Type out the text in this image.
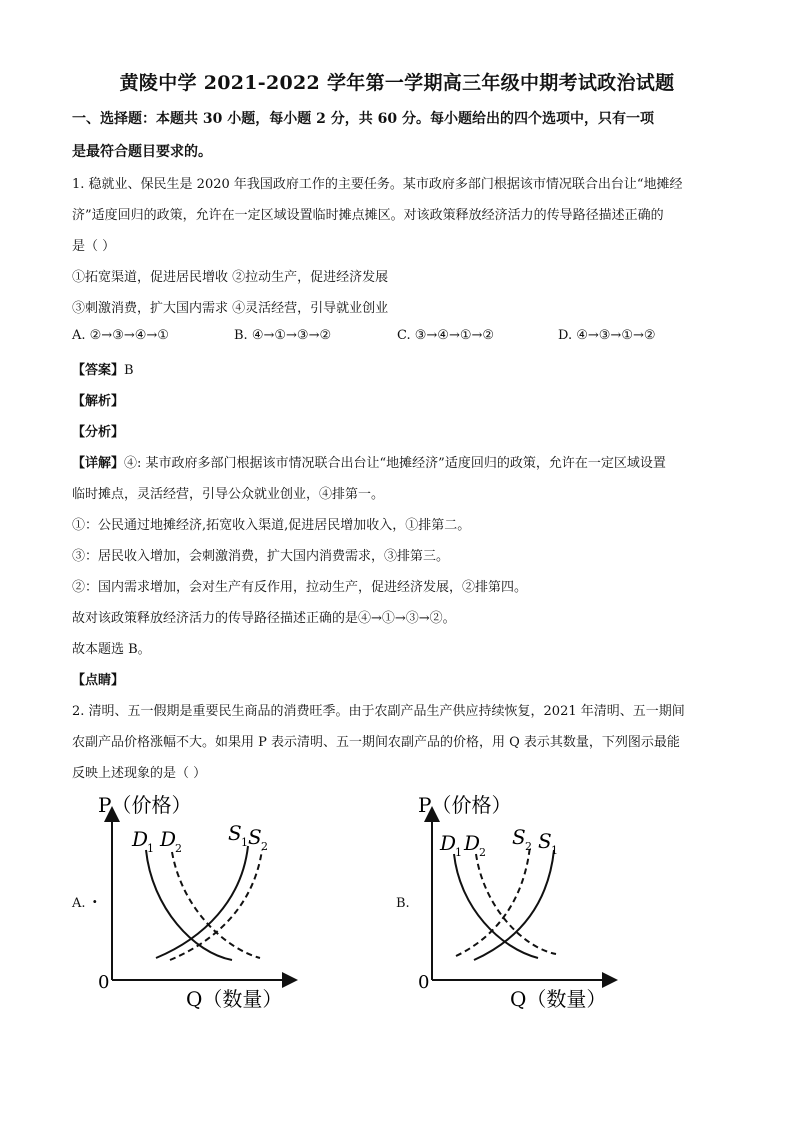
黄陵中学 2021-2022 学年第一学期高三年级中期考试政治试题
一、选择题：本题共 30 小题，每小题 2 分，共 60 分。每小题给出的四个选项中，只有一项
是最符合题目要求的。
1. 稳就业、保民生是 2020 年我国政府工作的主要任务。某市政府多部门根据该市情况联合出台让“地摊经
济”适度回归的政策，允许在一定区域设置临时摊点摊区。对该政策释放经济活力的传导路径描述正确的
是（ ）
①拓宽渠道，促进居民增收 ②拉动生产，促进经济发展
③刺激消费，扩大国内需求 ④灵活经营，引导就业创业
A. ②→③→④→①	B. ④→①→③→②	C. ③→④→①→②	D. ④→③→①→②
【答案】B
【解析】
【分析】
【详解】④: 某市政府多部门根据该市情况联合出台让“地摊经济”适度回归的政策，允许在一定区域设置
临时摊点，灵活经营，引导公众就业创业，④排第一。
①：公民通过地摊经济,拓宽收入渠道,促进居民增加收入，①排第二。
③：居民收入增加，会刺激消费，扩大国内消费需求，③排第三。
②：国内需求增加，会对生产有反作用，拉动生产，促进经济发展，②排第四。
故对该政策释放经济活力的传导路径描述正确的是④→①→③→②。
故本题选 B。
【点睛】
2. 清明、五一假期是重要民生商品的消费旺季。由于农副产品生产供应持续恢复，2021 年清明、五一期间
农副产品价格涨幅不大。如果用 P 表示清明、五一期间农副产品的价格，用 Q 表示其数量，下列图示最能
反映上述现象的是（ ）
A. ·	B.
P（价格）
Q（数量）
0
D
1 D
2
S 1 S 2
P（价格）
Q（数量）
0
D
1 D
2
S 2 S 1
